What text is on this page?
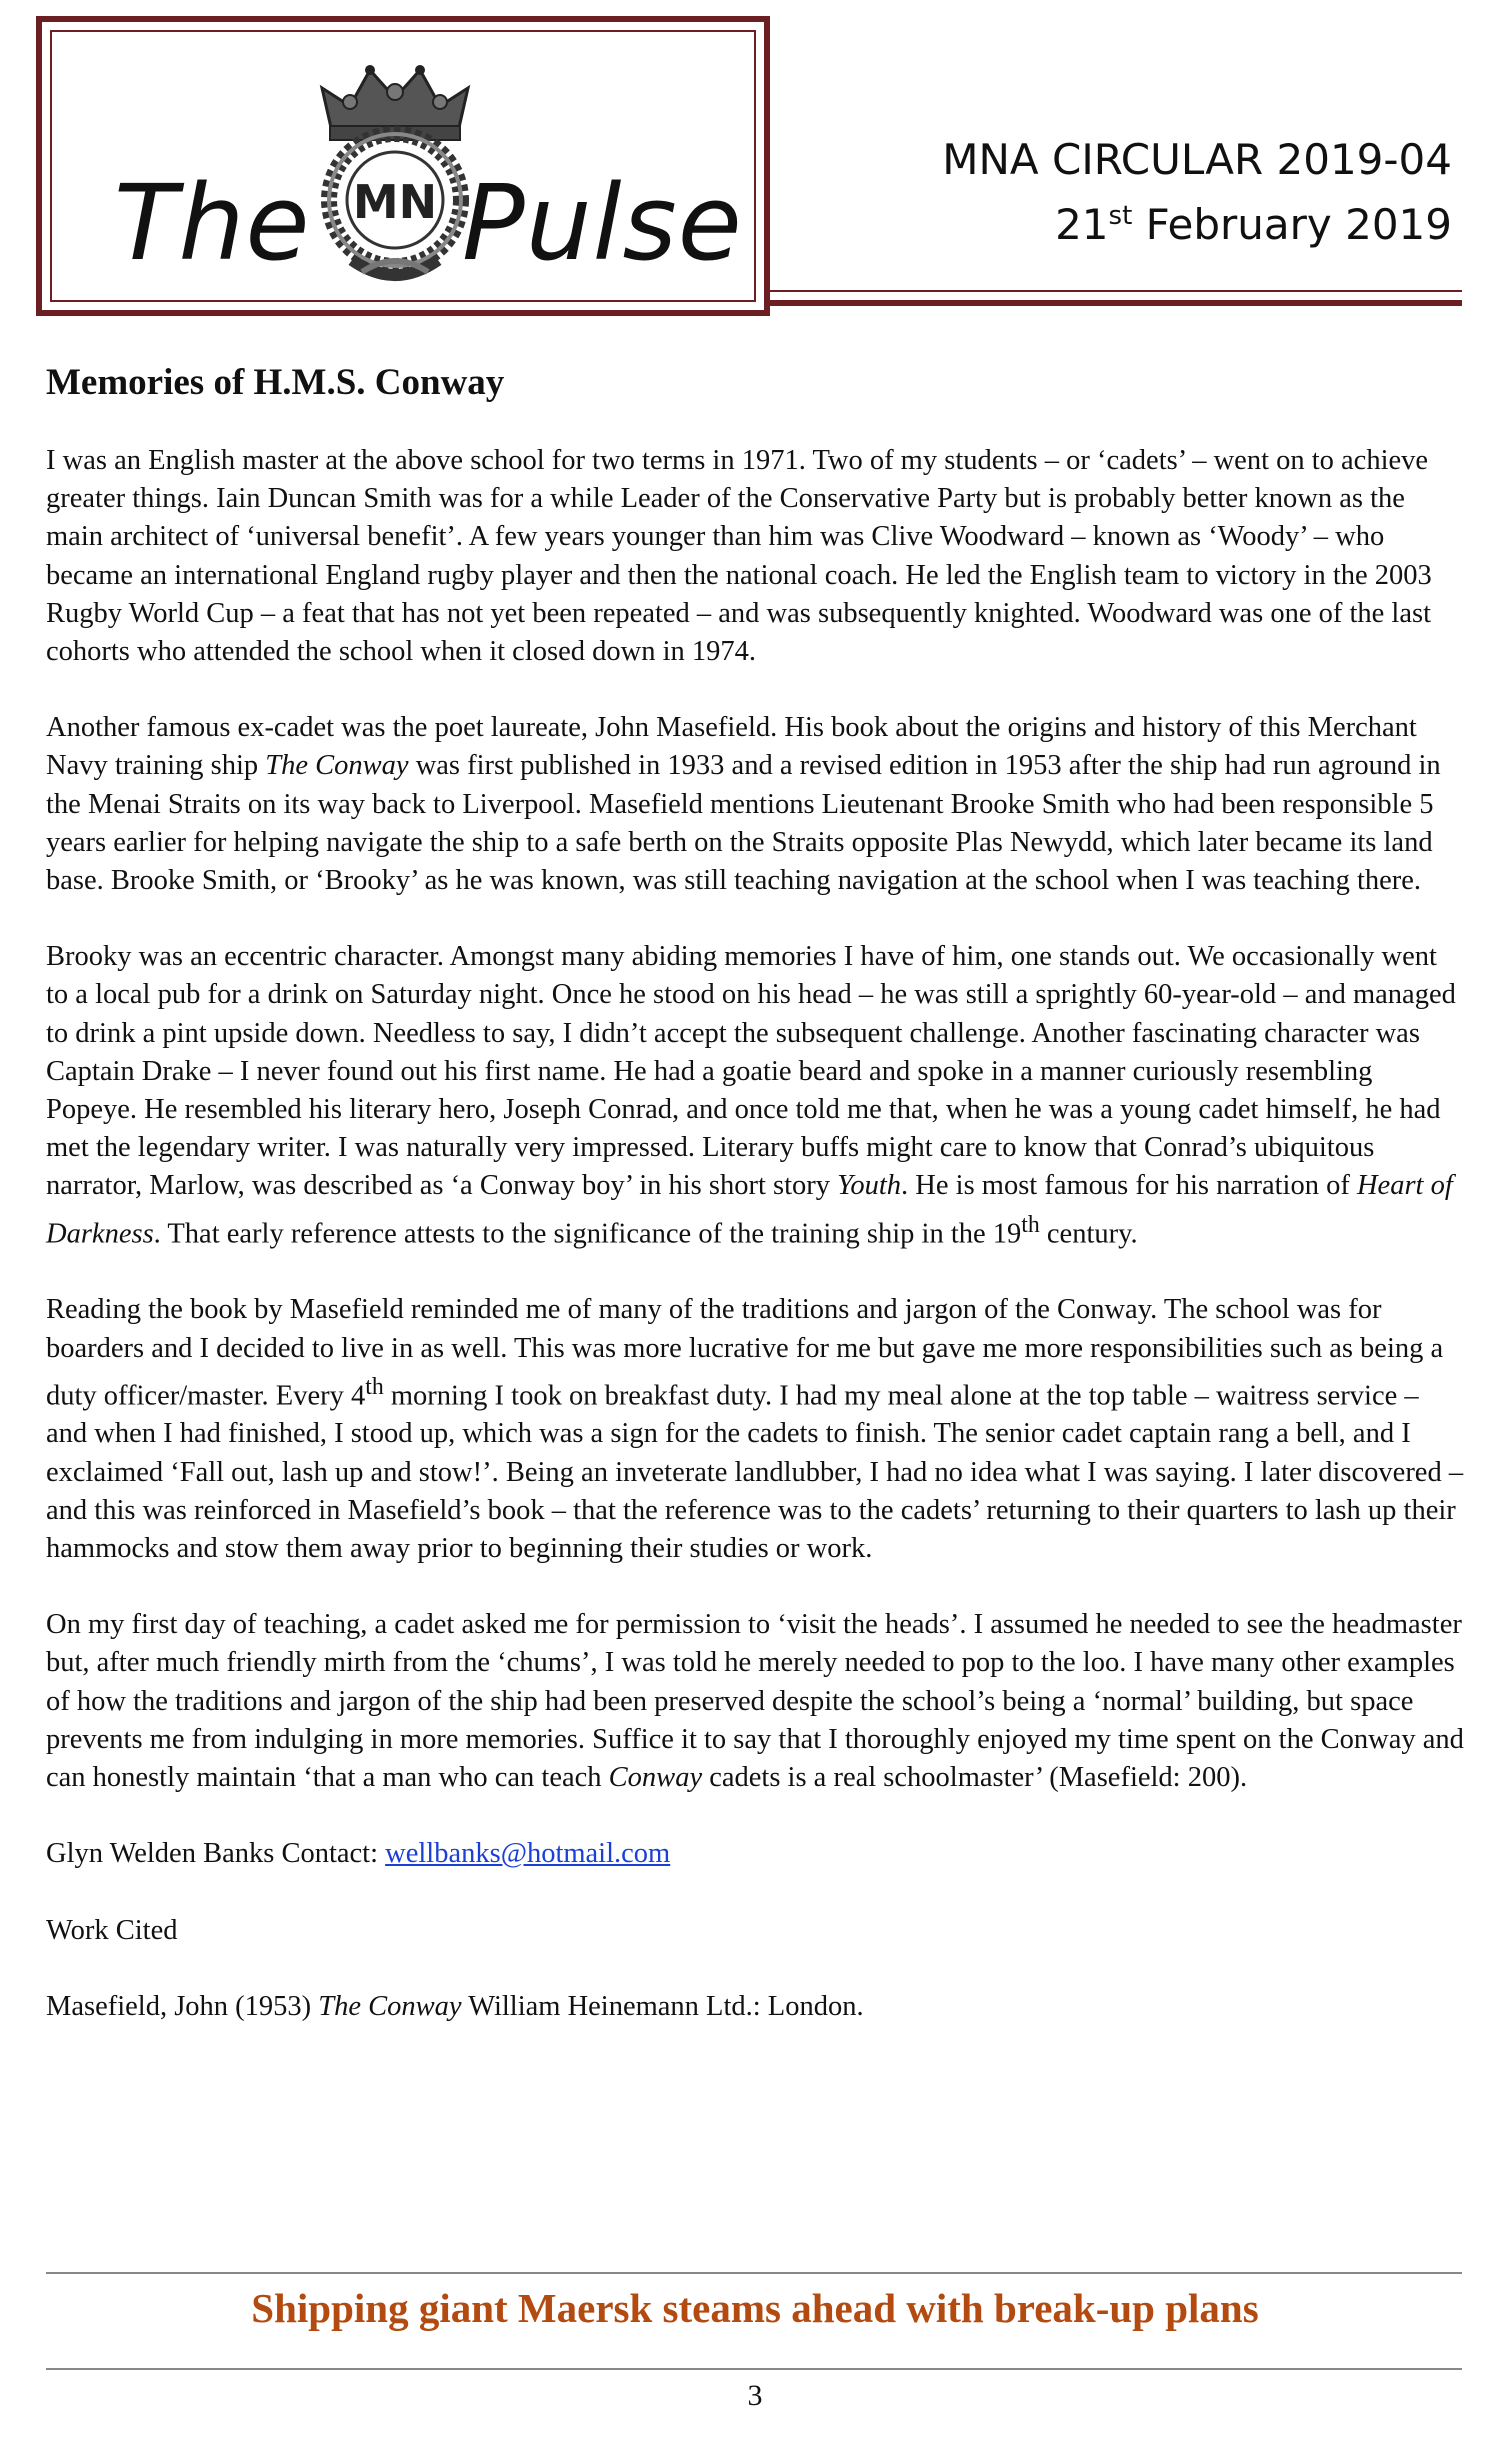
The MN Pulse
MNA CIRCULAR 2019-04
21st February 2019
Memories of H.M.S. Conway

I was an English master at the above school for two terms in 1971. Two of my students – or ‘cadets’ – went on to achieve greater things. Iain Duncan Smith was for a while Leader of the Conservative Party but is probably better known as the main architect of ‘universal benefit’. A few years younger than him was Clive Woodward – known as ‘Woody’ – who became an international England rugby player and then the national coach. He led the English team to victory in the 2003 Rugby World Cup – a feat that has not yet been repeated – and was subsequently knighted. Woodward was one of the last cohorts who attended the school when it closed down in 1974.

Another famous ex-cadet was the poet laureate, John Masefield. His book about the origins and history of this Merchant Navy training ship The Conway was first published in 1933 and a revised edition in 1953 after the ship had run aground in the Menai Straits on its way back to Liverpool. Masefield mentions Lieutenant Brooke Smith who had been responsible 5 years earlier for helping navigate the ship to a safe berth on the Straits opposite Plas Newydd, which later became its land base. Brooke Smith, or ‘Brooky’ as he was known, was still teaching navigation at the school when I was teaching there.

Brooky was an eccentric character. Amongst many abiding memories I have of him, one stands out. We occasionally went to a local pub for a drink on Saturday night. Once he stood on his head – he was still a sprightly 60-year-old – and managed to drink a pint upside down. Needless to say, I didn’t accept the subsequent challenge. Another fascinating character was Captain Drake – I never found out his first name. He had a goatie beard and spoke in a manner curiously resembling Popeye. He resembled his literary hero, Joseph Conrad, and once told me that, when he was a young cadet himself, he had met the legendary writer. I was naturally very impressed. Literary buffs might care to know that Conrad’s ubiquitous narrator, Marlow, was described as ‘a Conway boy’ in his short story Youth. He is most famous for his narration of Heart of Darkness. That early reference attests to the significance of the training ship in the 19th century.

Reading the book by Masefield reminded me of many of the traditions and jargon of the Conway. The school was for boarders and I decided to live in as well. This was more lucrative for me but gave me more responsibilities such as being a duty officer/master. Every 4th morning I took on breakfast duty. I had my meal alone at the top table – waitress service – and when I had finished, I stood up, which was a sign for the cadets to finish. The senior cadet captain rang a bell, and I exclaimed ‘Fall out, lash up and stow!’. Being an inveterate landlubber, I had no idea what I was saying. I later discovered – and this was reinforced in Masefield’s book – that the reference was to the cadets’ returning to their quarters to lash up their hammocks and stow them away prior to beginning their studies or work.

On my first day of teaching, a cadet asked me for permission to ‘visit the heads’. I assumed he needed to see the headmaster but, after much friendly mirth from the ‘chums’, I was told he merely needed to pop to the loo. I have many other examples of how the traditions and jargon of the ship had been preserved despite the school’s being a ‘normal’ building, but space prevents me from indulging in more memories. Suffice it to say that I thoroughly enjoyed my time spent on the Conway and can honestly maintain ‘that a man who can teach Conway cadets is a real schoolmaster’ (Masefield: 200).

Glyn Welden Banks Contact: wellbanks@hotmail.com

Work Cited

Masefield, John (1953) The Conway William Heinemann Ltd.: London.

Shipping giant Maersk steams ahead with break-up plans
3
